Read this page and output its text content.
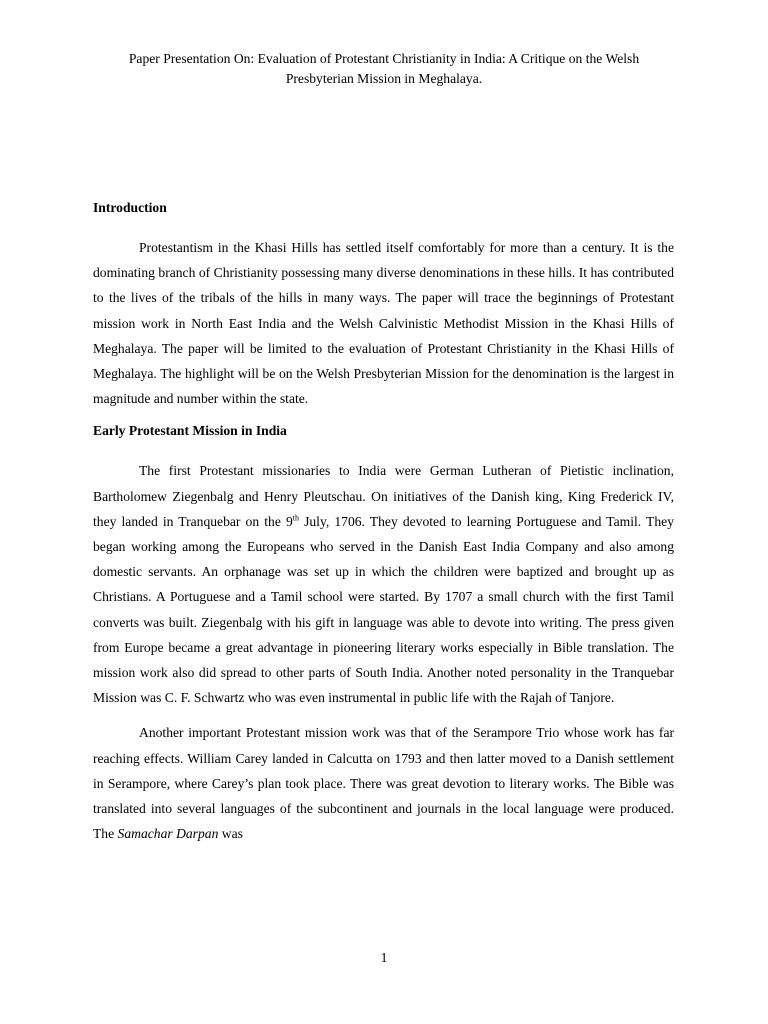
Paper Presentation On: Evaluation of Protestant Christianity in India: A Critique on the Welsh
Presbyterian Mission in Meghalaya.

Introduction

Protestantism in the Khasi Hills has settled itself comfortably for more than a century. It is the dominating branch of Christianity possessing many diverse denominations in these hills. It has contributed to the lives of the tribals of the hills in many ways. The paper will trace the beginnings of Protestant mission work in North East India and the Welsh Calvinistic Methodist Mission in the Khasi Hills of Meghalaya. The paper will be limited to the evaluation of Protestant Christianity in the Khasi Hills of Meghalaya. The highlight will be on the Welsh Presbyterian Mission for the denomination is the largest in magnitude and number within the state.

Early Protestant Mission in India

The first Protestant missionaries to India were German Lutheran of Pietistic inclination, Bartholomew Ziegenbalg and Henry Pleutschau. On initiatives of the Danish king, King Frederick IV, they landed in Tranquebar on the 9th July, 1706. They devoted to learning Portuguese and Tamil. They began working among the Europeans who served in the Danish East India Company and also among domestic servants. An orphanage was set up in which the children were baptized and brought up as Christians. A Portuguese and a Tamil school were started. By 1707 a small church with the first Tamil converts was built. Ziegenbalg with his gift in language was able to devote into writing. The press given from Europe became a great advantage in pioneering literary works especially in Bible translation. The mission work also did spread to other parts of South India. Another noted personality in the Tranquebar Mission was C. F. Schwartz who was even instrumental in public life with the Rajah of Tanjore.

Another important Protestant mission work was that of the Serampore Trio whose work has far reaching effects. William Carey landed in Calcutta on 1793 and then latter moved to a Danish settlement in Serampore, where Carey’s plan took place. There was great devotion to literary works. The Bible was translated into several languages of the subcontinent and journals in the local language were produced. The Samachar Darpan was

1
